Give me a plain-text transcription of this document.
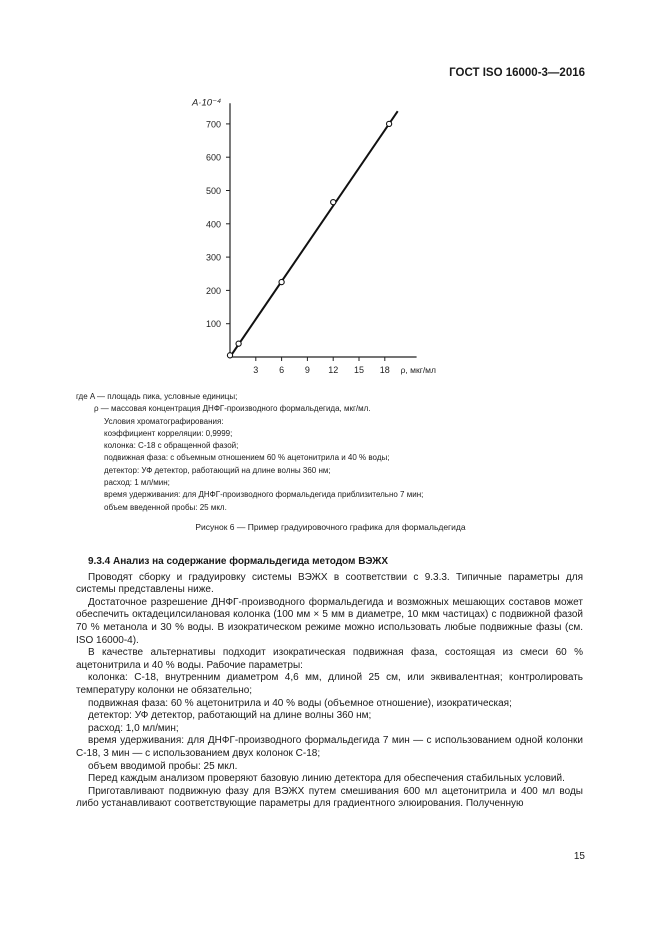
ГОСТ ISO 16000-3—2016
100
200
300
400
500
600
700
3 6 9 12 15 18
A·10⁻⁴
ρ, мкг/мл
где A — площадь пика, условные единицы;
ρ — массовая концентрация ДНФГ-производного формальдегида, мкг/мл.
Условия хроматографирования:
коэффициент корреляции: 0,9999;
колонка: С-18 с обращенной фазой;
подвижная фаза: с объемным отношением 60 % ацетонитрила и 40 % воды;
детектор: УФ детектор, работающий на длине волны 360 нм;
расход: 1 мл/мин;
время удерживания: для ДНФГ-производного формальдегида приблизительно 7 мин;
объем введенной пробы: 25 мкл.
Рисунок 6 — Пример градуировочного графика для формальдегида

9.3.4 Анализ на содержание формальдегида методом ВЭЖХ

Проводят сборку и градуировку системы ВЭЖХ в соответствии с 9.3.3. Типичные параметры для системы представлены ниже.

Достаточное разрешение ДНФГ-производного формальдегида и возможных мешающих составов может обеспечить октадецилсилановая колонка (100 мм × 5 мм в диаметре, 10 мкм частицах) с подвижной фазой 70 % метанола и 30 % воды. В изократическом режиме можно использовать любые подвижные фазы (см. ISO 16000-4).

В качестве альтернативы подходит изократическая подвижная фаза, состоящая из смеси 60 % ацетонитрила и 40 % воды. Рабочие параметры:

колонка: С-18, внутренним диаметром 4,6 мм, длиной 25 см, или эквивалентная; контролировать температуру колонки не обязательно;

подвижная фаза: 60 % ацетонитрила и 40 % воды (объемное отношение), изократическая;

детектор: УФ детектор, работающий на длине волны 360 нм;

расход: 1,0 мл/мин;

время удерживания: для ДНФГ-производного формальдегида 7 мин — с использованием одной колонки С-18, 3 мин — с использованием двух колонок С-18;

объем вводимой пробы: 25 мкл.

Перед каждым анализом проверяют базовую линию детектора для обеспечения стабильных условий.

Приготавливают подвижную фазу для ВЭЖХ путем смешивания 600 мл ацетонитрила и 400 мл воды либо устанавливают соответствующие параметры для градиентного элюирования. Полученную

15
